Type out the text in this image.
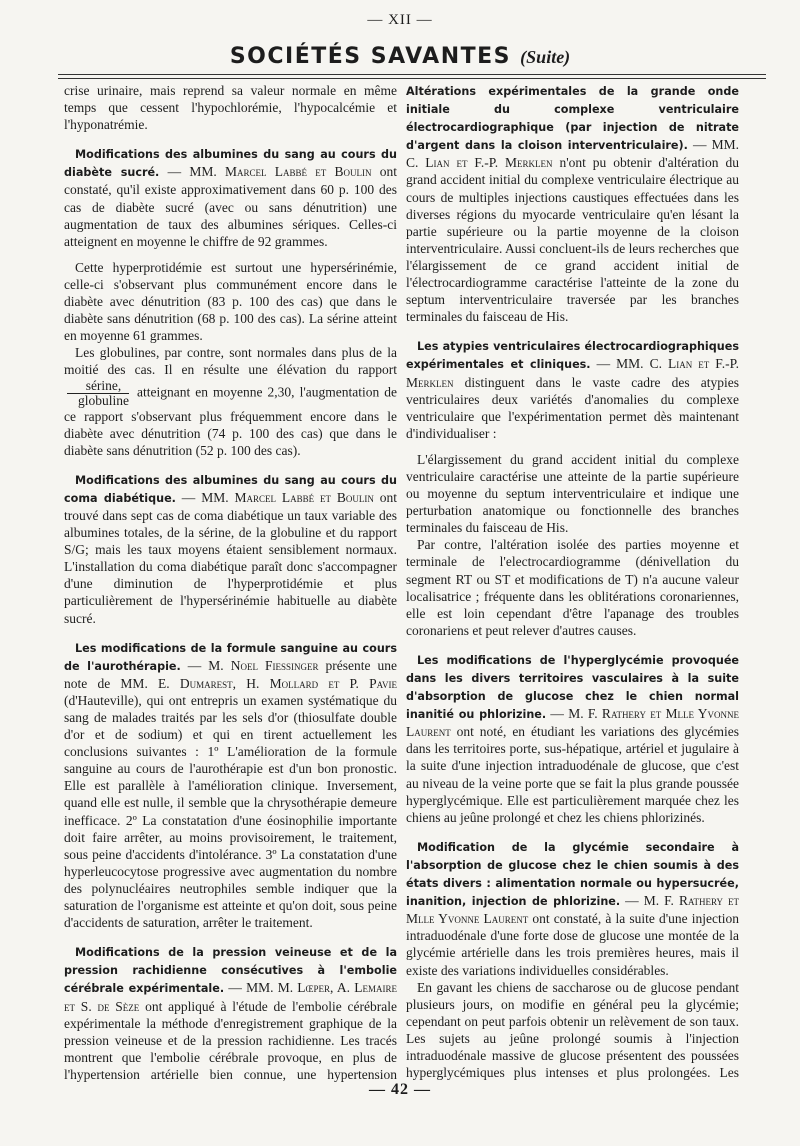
— XII —
SOCIÉTÉS SAVANTES (Suite)

crise urinaire, mais reprend sa valeur normale en même temps que cessent l'hypochlorémie, l'hypocalcémie et l'hyponatrémie.

Modifications des albumines du sang au cours du diabète sucré. — MM. Marcel Labbé et Boulin ont constaté, qu'il existe approximativement dans 60 p. 100 des cas de diabète sucré (avec ou sans dénutrition) une augmentation de taux des albumines sériques. Celles-ci atteignent en moyenne le chiffre de 92 grammes.

Cette hyperprotidémie est surtout une hypersérinémie, celle-ci s'observant plus communément encore dans le diabète avec dénutrition (83 p. 100 des cas) que dans le diabète sans dénutrition (68 p. 100 des cas). La sérine atteint en moyenne 61 grammes.

Les globulines, par contre, sont normales dans plus de la moitié des cas. Il en résulte une élévation du rapport
$\frac{\text{sérine,}}{\text{globuline}}$ atteignant en moyenne 2,30, l'augmentation de ce rapport s'observant plus fréquemment encore dans le diabète avec dénutrition (74 p. 100 des cas) que dans le diabète sans dénutrition (52 p. 100 des cas).

Modifications des albumines du sang au cours du coma diabétique. — MM. Marcel Labbé et Boulin ont trouvé dans sept cas de coma diabétique un taux variable des albumines totales, de la sérine, de la globuline et du rapport S/G; mais les taux moyens étaient sensiblement normaux. L'installation du coma diabétique paraît donc s'accompagner d'une diminution de l'hyperprotidémie et plus particulièrement de l'hypersérinémie habituelle au diabète sucré.

Les modifications de la formule sanguine au cours de l'aurothérapie. — M. Noel Fiessinger présente une note de MM. E. Dumarest, H. Mollard et P. Pavie (d'Hauteville), qui ont entrepris un examen systématique du sang de malades traités par les sels d'or (thiosulfate double d'or et de sodium) et qui en tirent actuellement les conclusions suivantes : 1º L'amélioration de la formule sanguine au cours de l'aurothérapie est d'un bon pronostic. Elle est parallèle à l'amélioration clinique. Inversement, quand elle est nulle, il semble que la chrysothérapie demeure inefficace. 2º La constatation d'une éosinophilie importante doit faire arrêter, au moins provisoirement, le traitement, sous peine d'accidents d'intolérance. 3º La constatation d'une hyperleucocytose progressive avec augmentation du nombre des polynucléaires neutrophiles semble indiquer que la saturation de l'organisme est atteinte et qu'on doit, sous peine d'accidents de saturation, arrêter le traitement.

Modifications de la pression veineuse et de la pression rachidienne consécutives à l'embolie cérébrale expérimentale. — MM. M. Lœper, A. Lemaire et S. de Sèze ont appliqué à l'étude de l'embolie cérébrale expérimentale la méthode d'enregistrement graphique de la pression veineuse et de la pression rachidienne. Les tracés montrent que l'embolie cérébrale provoque, en plus de l'hypertension artérielle bien connue, une hypertension

Altérations expérimentales de la grande onde initiale du complexe ventriculaire électrocardiographique (par injection de nitrate d'argent dans la cloison interventriculaire). — MM. C. Lian et F.-P. Merklen n'ont pu obtenir d'altération du grand accident initial du complexe ventriculaire électrique au cours de multiples injections caustiques effectuées dans les diverses régions du myocarde ventriculaire qu'en lésant la partie supérieure ou la partie moyenne de la cloison interventriculaire. Aussi concluent-ils de leurs recherches que l'élargissement de ce grand accident initial de l'électrocardiogramme caractérise l'atteinte de la zone du septum interventriculaire traversée par les branches terminales du faisceau de His.

Les atypies ventriculaires électrocardiographiques expérimentales et cliniques. — MM. C. Lian et F.-P. Merklen distinguent dans le vaste cadre des atypies ventriculaires deux variétés d'anomalies du complexe ventriculaire que l'expérimentation permet dès maintenant d'individualiser :

L'élargissement du grand accident initial du complexe ventriculaire caractérise une atteinte de la partie supérieure ou moyenne du septum interventriculaire et indique une perturbation anatomique ou fonctionnelle des branches terminales du faisceau de His.

Par contre, l'altération isolée des parties moyenne et terminale de l'electrocardiogramme (dénivellation du segment RT ou ST et modifications de T) n'a aucune valeur localisatrice ; fréquente dans les oblitérations coronariennes, elle est loin cependant d'être l'apanage des troubles coronariens et peut relever d'autres causes.

Les modifications de l'hyperglycémie provoquée dans les divers territoires vasculaires à la suite d'absorption de glucose chez le chien normal inanitié ou phlorizine. — M. F. Rathery et Mlle Yvonne Laurent ont noté, en étudiant les variations des glycémies dans les territoires porte, sus-hépatique, artériel et jugulaire à la suite d'une injection intraduodénale de glucose, que c'est au niveau de la veine porte que se fait la plus grande poussée hyperglycémique. Elle est particulièrement marquée chez les chiens au jeûne prolongé et chez les chiens phlorizinés.

Modification de la glycémie secondaire à l'absorption de glucose chez le chien soumis à des états divers : alimentation normale ou hypersucrée, inanition, injection de phlorizine. — M. F. Rathery et Mlle Yvonne Laurent ont constaté, à la suite d'une injection intraduodénale d'une forte dose de glucose une montée de la glycémie artérielle dans les trois premières heures, mais il existe des variations individuelles considérables.

En gavant les chiens de saccharose ou de glucose pendant plusieurs jours, on modifie en général peu la glycémie; cependant on peut parfois obtenir un relèvement de son taux. Les sujets au jeûne prolongé soumis à l'injection intraduodénale massive de glucose présentent des poussées hyperglycémiques plus intenses et plus prolongées. Les

— 42 —
